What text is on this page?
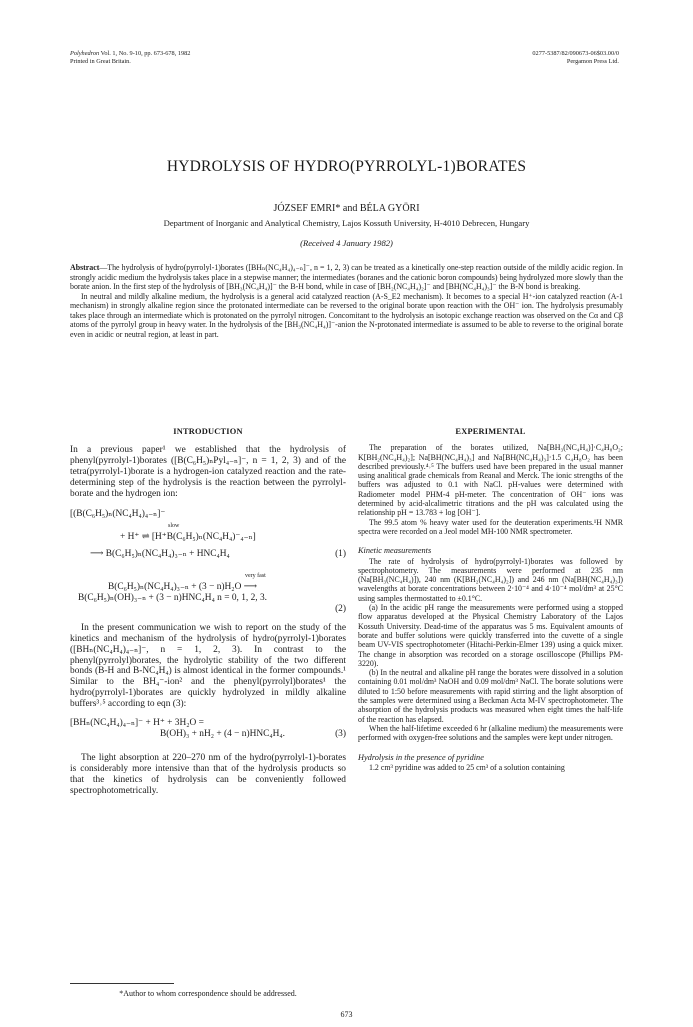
Polyhedron Vol. 1, No. 9-10, pp. 673-678, 1982
Printed in Great Britain.
0277-5387/82/090673-06$03.00/0
Pergamon Press Ltd.
HYDROLYSIS OF HYDRO(PYRROLYL-1)BORATES
JÓZSEF EMRI* and BÉLA GYÖRI
Department of Inorganic and Analytical Chemistry, Lajos Kossuth University, H-4010 Debrecen, Hungary
(Received 4 January 1982)

Abstract—The hydrolysis of hydro(pyrrolyl-1)borates ([BHₙ(NC₄H₄)₄₋ₙ]⁻, n = 1, 2, 3) can be treated as a kinetically one-step reaction outside of the mildly acidic region. In strongly acidic medium the hydrolysis takes place in a stepwise manner; the intermediates (boranes and the cationic boron compounds) being hydrolyzed more slowly than the borate anion. In the first step of the hydrolysis of [BH₃(NC₄H₄)]⁻ the B-H bond, while in case of [BH₂(NC₄H₄)₂]⁻ and [BH(NC₄H₄)₃]⁻ the B-N bond is breaking.

In neutral and mildly alkaline medium, the hydrolysis is a general acid catalyzed reaction (A-S_E2 mechanism). It becomes to a special H⁺-ion catalyzed reaction (A-1 mechanism) in strongly alkaline region since the protonated intermediate can be reversed to the original borate upon reaction with the OH⁻ ion. The hydrolysis presumably takes place through an intermediate which is protonated on the pyrrolyl nitrogen. Concomitant to the hydrolysis an isotopic exchange reaction was observed on the Cα and Cβ atoms of the pyrrolyl group in heavy water. In the hydrolysis of the [BH₃(NC₄H₄)]⁻-anion the N-protonated intermediate is assumed to be able to reverse to the original borate even in acidic or neutral region, at least in part.

INTRODUCTION

In a previous paper¹ we established that the hydrolysis of phenyl(pyrrolyl-1)borates ([B(C₆H₅)ₙPyl₄₋ₙ]⁻, n = 1, 2, 3) and of the tetra(pyrrolyl-1)borate is a hydrogen-ion catalyzed reaction and the rate-determining step of the hydrolysis is the reaction between the pyrrolyl-borate and the hydrogen ion:

[(B(C₆H₅)ₙ(NC₄H₄)₄₋ₙ]⁻
slow
+ H⁺ ⇌ [H⁺B(C₆H₅)ₙ(NC₄H₄)⁻₄₋ₙ]
⟶ B(C₆H₅)ₙ(NC₄H₄)₃₋ₙ + HNC₄H₄	(1)
very fast
B(C₆H₅)ₙ(NC₄H₄)₃₋ₙ + (3 − n)H₂O ⟶
B(C₆H₅)ₙ(OH)₃₋ₙ + (3 − n)HNC₄H₄ n = 0, 1, 2, 3.
(2)

In the present communication we wish to report on the study of the kinetics and mechanism of the hydrolysis of hydro(pyrrolyl-1)borates ([BHₙ(NC₄H₄)₄₋ₙ]⁻, n = 1, 2, 3). In contrast to the phenyl(pyrrolyl)borates, the hydrolytic stability of the two different bonds (B-H and B-NC₄H₄) is almost identical in the former compounds.¹ Similar to the BH₄⁻-ion² and the phenyl(pyrrolyl)borates¹ the hydro(pyrrolyl-1)borates are quickly hydrolyzed in mildly alkaline buffers³˒⁵ according to eqn (3):

[BHₙ(NC₄H₄)₄₋ₙ]⁻ + H⁺ + 3H₂O =
B(OH)₃ + nH₂ + (4 − n)HNC₄H₄.	(3)

The light absorption at 220–270 nm of the hydro(pyrrolyl-1)-borates is considerably more intensive than that of the hydrolysis products so that the kinetics of hydrolysis can be conveniently followed spectrophotometrically.

EXPERIMENTAL

The preparation of the borates utilized, Na[BH₃(NC₄H₄)]·C₄H₈O₂; K[BH₂(NC₄H₄)₂]; Na[BH(NC₄H₄)₃] and Na[BH(NC₄H₄)₃]·1.5 C₄H₈O₂ has been described previously.⁴˒⁵ The buffers used have been prepared in the usual manner using analitical grade chemicals from Reanal and Merck. The ionic strengths of the buffers was adjusted to 0.1 with NaCl. pH-values were determined with Radiometer model PHM-4 pH-meter. The concentration of OH⁻ ions was determined by acid-alcalimetric titrations and the pH was calculated using the relationship pH = 13.783 + log [OH⁻].

The 99.5 atom % heavy water used for the deuteration experiments.¹H NMR spectra were recorded on a Jeol model MH-100 NMR spectrometer.

Kinetic measurements

The rate of hydrolysis of hydro(pyrrolyl-1)borates was followed by spectrophotometry. The measurements were performed at 235 nm (Na[BH₃(NC₄H₄)]), 240 nm (K[BH₂(NC₄H₄)₂]) and 246 nm (Na[BH(NC₄H₄)₃]) wavelengths at borate concentrations between 2·10⁻⁴ and 4·10⁻⁴ mol/dm³ at 25°C using samples thermostatted to ±0.1°C.

(a) In the acidic pH range the measurements were performed using a stopped flow apparatus developed at the Physical Chemistry Laboratory of the Lajos Kossuth University. Dead-time of the apparatus was 5 ms. Equivalent amounts of borate and buffer solutions were quickly transferred into the cuvette of a single beam UV-VIS spectrophotometer (Hitachi-Perkin-Elmer 139) using a quick mixer. The change in absorption was recorded on a storage oscilloscope (Phillips PM-3220).

(b) In the neutral and alkaline pH range the borates were dissolved in a solution containing 0.01 mol/dm³ NaOH and 0.09 mol/dm³ NaCl. The borate solutions were diluted to 1:50 before measurements with rapid stirring and the light absorption of the samples were determined using a Beckman Acta M-IV spectrophotometer. The absorption of the hydrolysis products was measured when eight times the half-life of the reaction has elapsed.

When the half-lifetime exceeded 6 hr (alkaline medium) the measurements were performed with oxygen-free solutions and the samples were kept under nitrogen.

Hydrolysis in the presence of pyridine

1.2 cm³ pyridine was added to 25 cm³ of a solution containing

*Author to whom correspondence should be addressed.
673
